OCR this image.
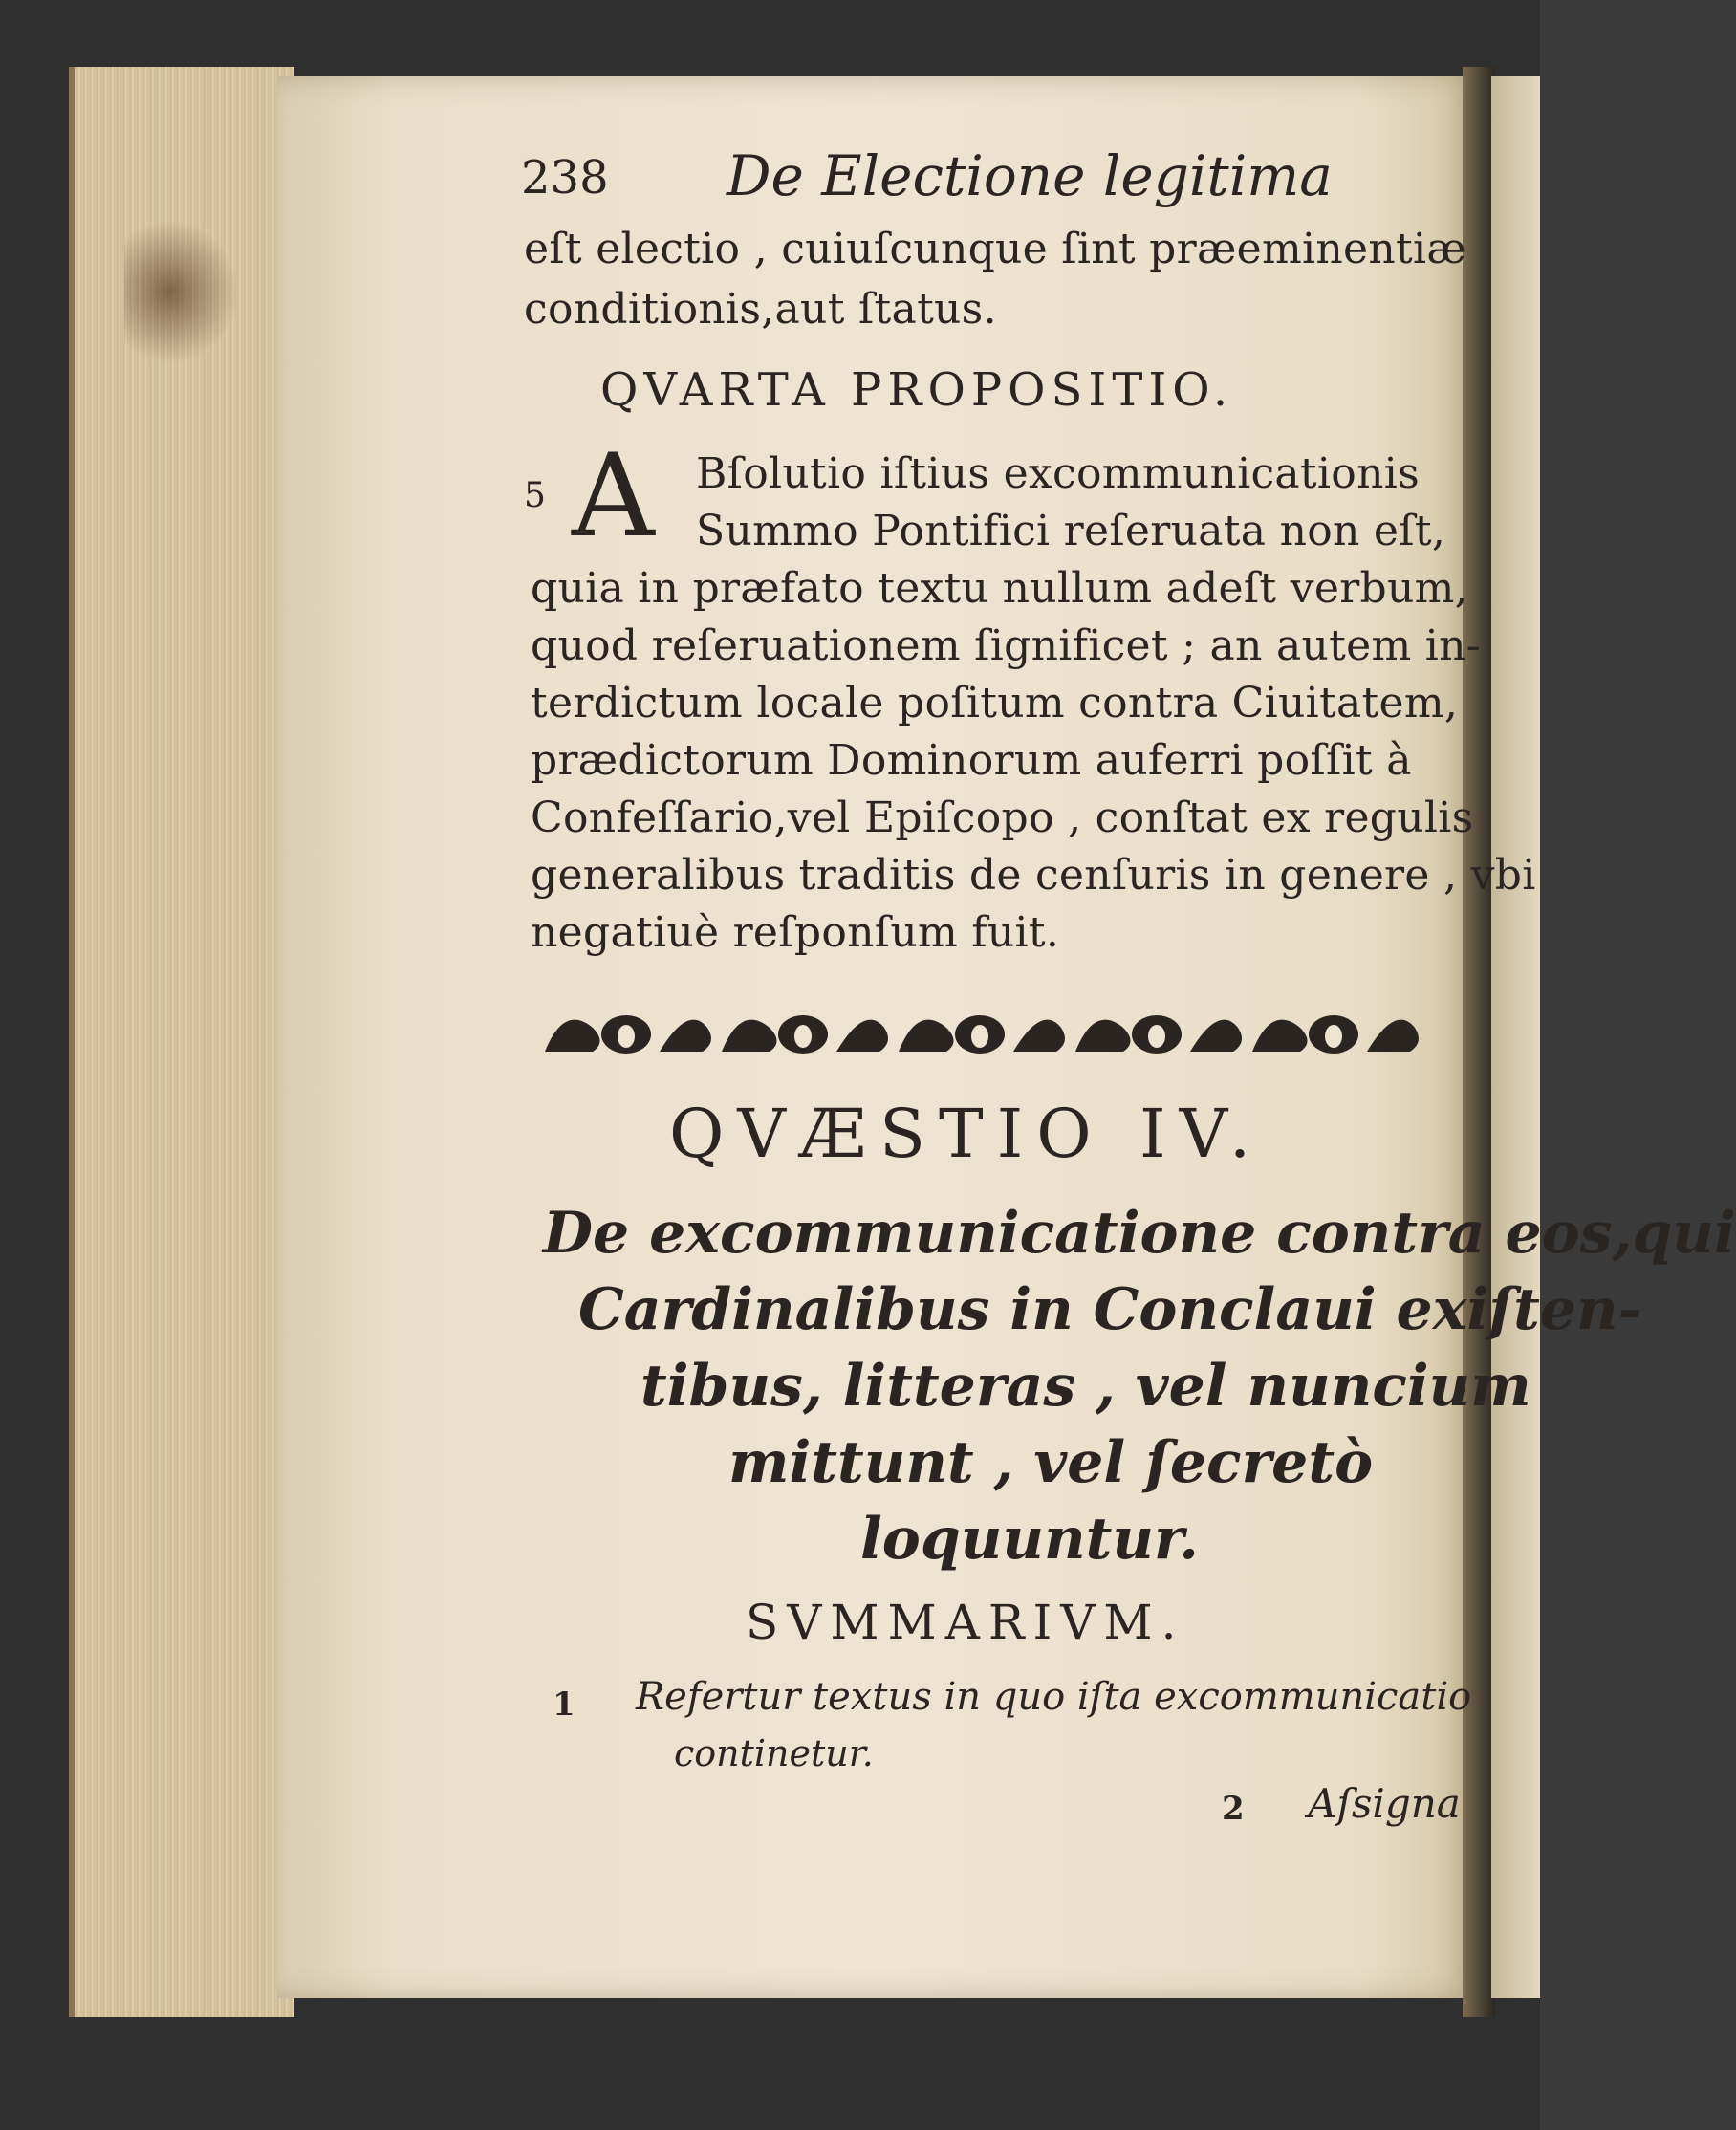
238 De Electione legitima
eſt electio , cuiuſcunque ſint præeminentiæ
conditionis,aut ſtatus.
QVARTA PROPOSITIO.
5 A Bſolutio iſtius excommunicationis
Summo Pontifici reſeruata non eſt,
quia in præfato textu nullum adeſt verbum,
quod reſeruationem ſignificet ; an autem in-
terdictum locale poſitum contra Ciuitatem,
prædictorum Dominorum auferri poſſit à
Confeſſario,vel Epiſcopo , conſtat ex regulis
generalibus traditis de cenſuris in genere , vbi
negatiuè reſponſum fuit.
QVÆSTIO IV.
De excommunicatione contra eos,qui
Cardinalibus in Conclaui exiſten-
tibus, litteras , vel nuncium
mittunt , vel ſecretò
loquuntur.
SVMMARIVM.
1 Refertur textus in quo iſta excommunicatio
continetur.
2 Aſsigna
